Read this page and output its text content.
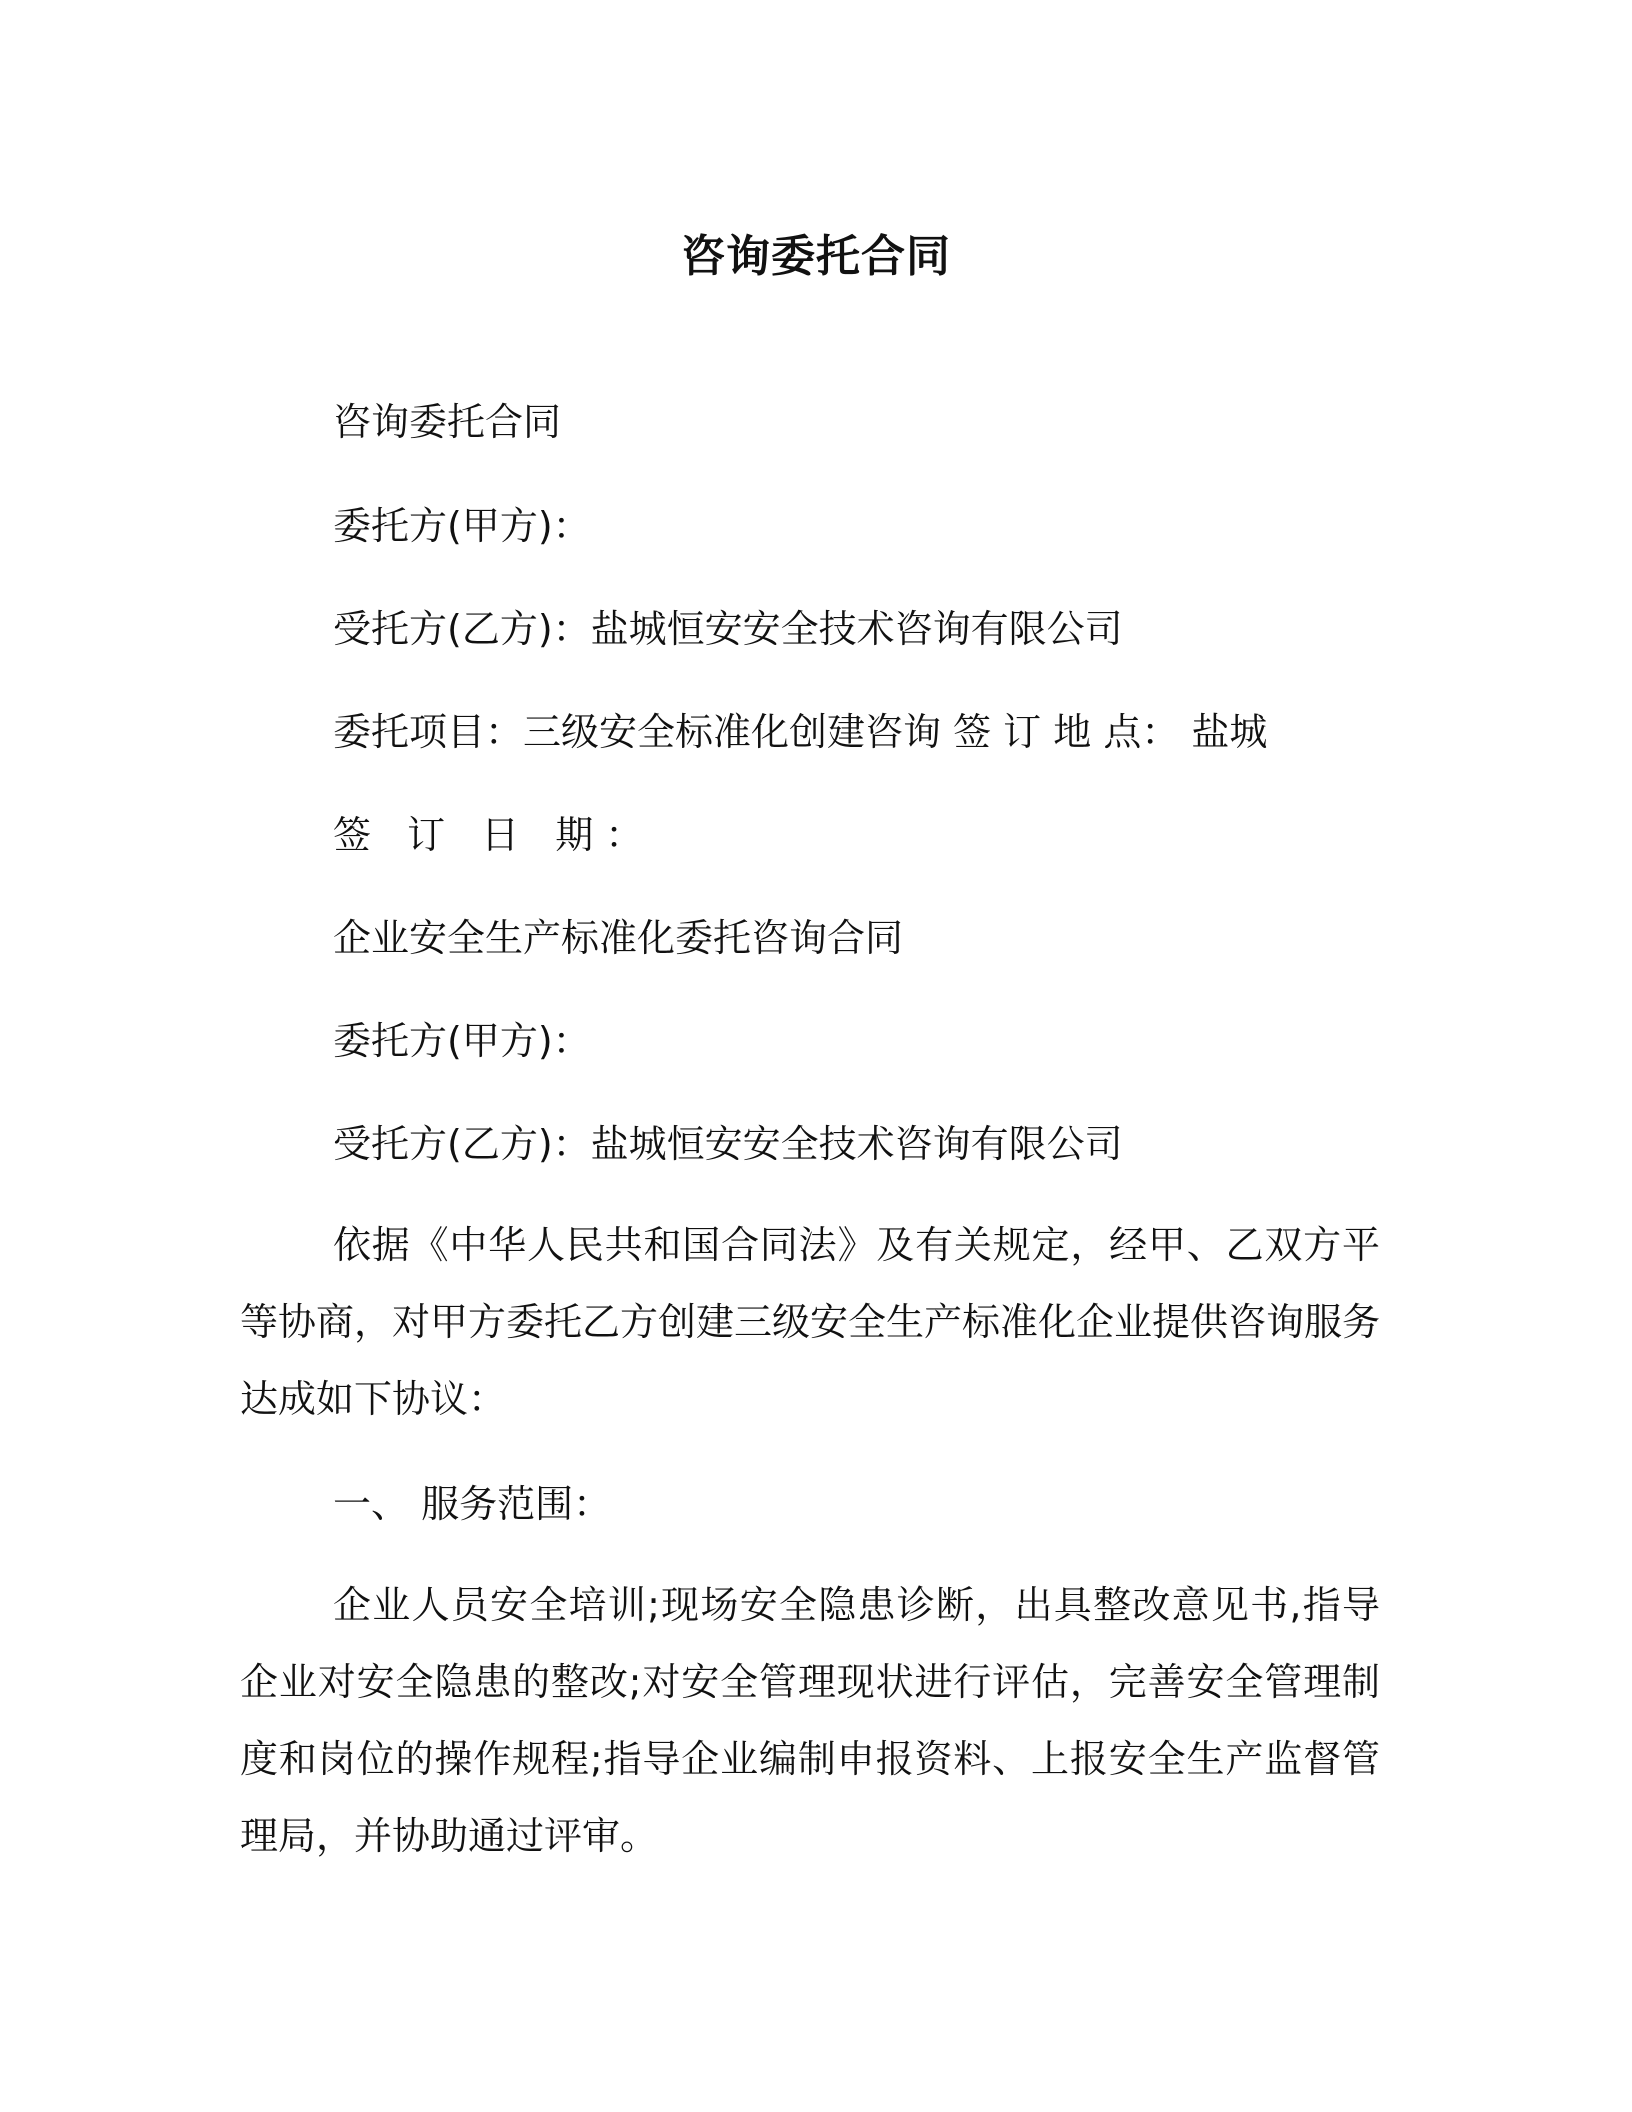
咨询委托合同
咨询委托合同
委托方(甲方)：
受托方(乙方)：盐城恒安安全技术咨询有限公司
委托项目：三级安全标准化创建咨询 签 订 地 点： 盐城
签 订 日 期：
企业安全生产标准化委托咨询合同
委托方(甲方)：
受托方(乙方)：盐城恒安安全技术咨询有限公司
依据《中华人民共和国合同法》及有关规定，经甲、乙双方平等协商，对甲方委托乙方创建三级安全生产标准化企业提供咨询服务达成如下协议：
一、 服务范围：
企业人员安全培训;现场安全隐患诊断，出具整改意见书,指导企业对安全隐患的整改;对安全管理现状进行评估，完善安全管理制度和岗位的操作规程;指导企业编制申报资料、上报安全生产监督管理局，并协助通过评审。
